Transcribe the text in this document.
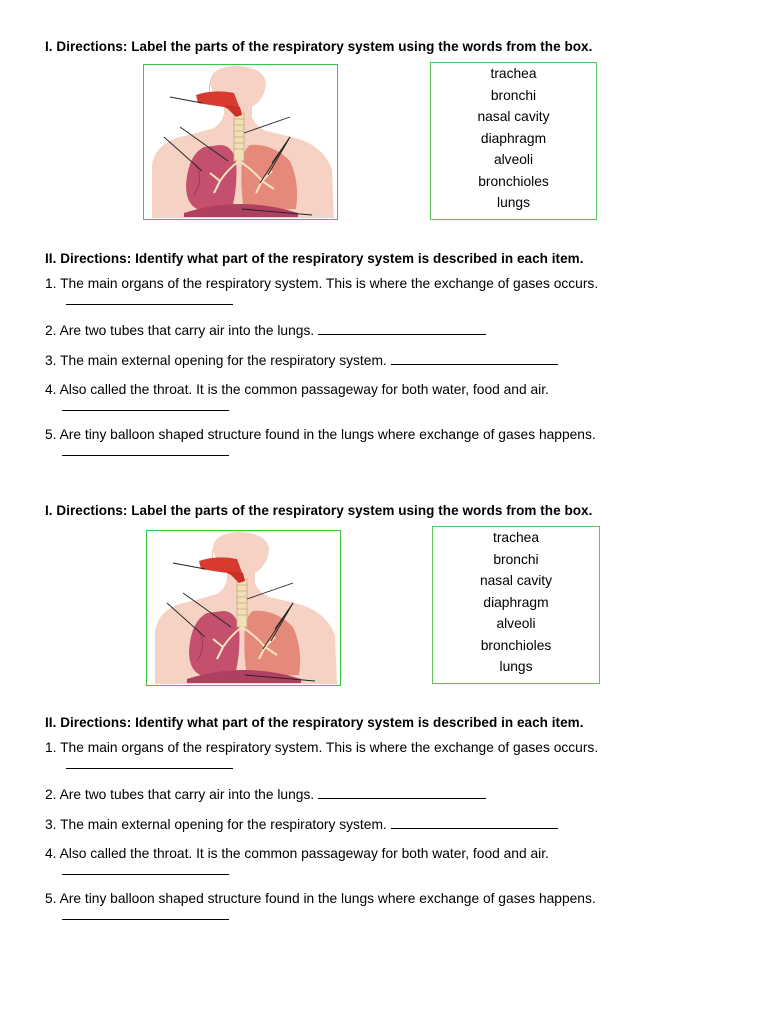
I. Directions: Label the parts of the respiratory system using the words from the box.
trachea
bronchi
nasal cavity
diaphragm
alveoli
bronchioles
lungs
II. Directions: Identify what part of the respiratory system is described in each item.
1. The main organs of the respiratory system. This is where the exchange of gases occurs.
2. Are two tubes that carry air into the lungs.
3. The main external opening for the respiratory system.
4. Also called the throat. It is the common passageway for both water, food and air.
5. Are tiny balloon shaped structure found in the lungs where exchange of gases happens.
I. Directions: Label the parts of the respiratory system using the words from the box.
trachea
bronchi
nasal cavity
diaphragm
alveoli
bronchioles
lungs
II. Directions: Identify what part of the respiratory system is described in each item.
1. The main organs of the respiratory system. This is where the exchange of gases occurs.
2. Are two tubes that carry air into the lungs.
3. The main external opening for the respiratory system.
4. Also called the throat. It is the common passageway for both water, food and air.
5. Are tiny balloon shaped structure found in the lungs where exchange of gases happens.
